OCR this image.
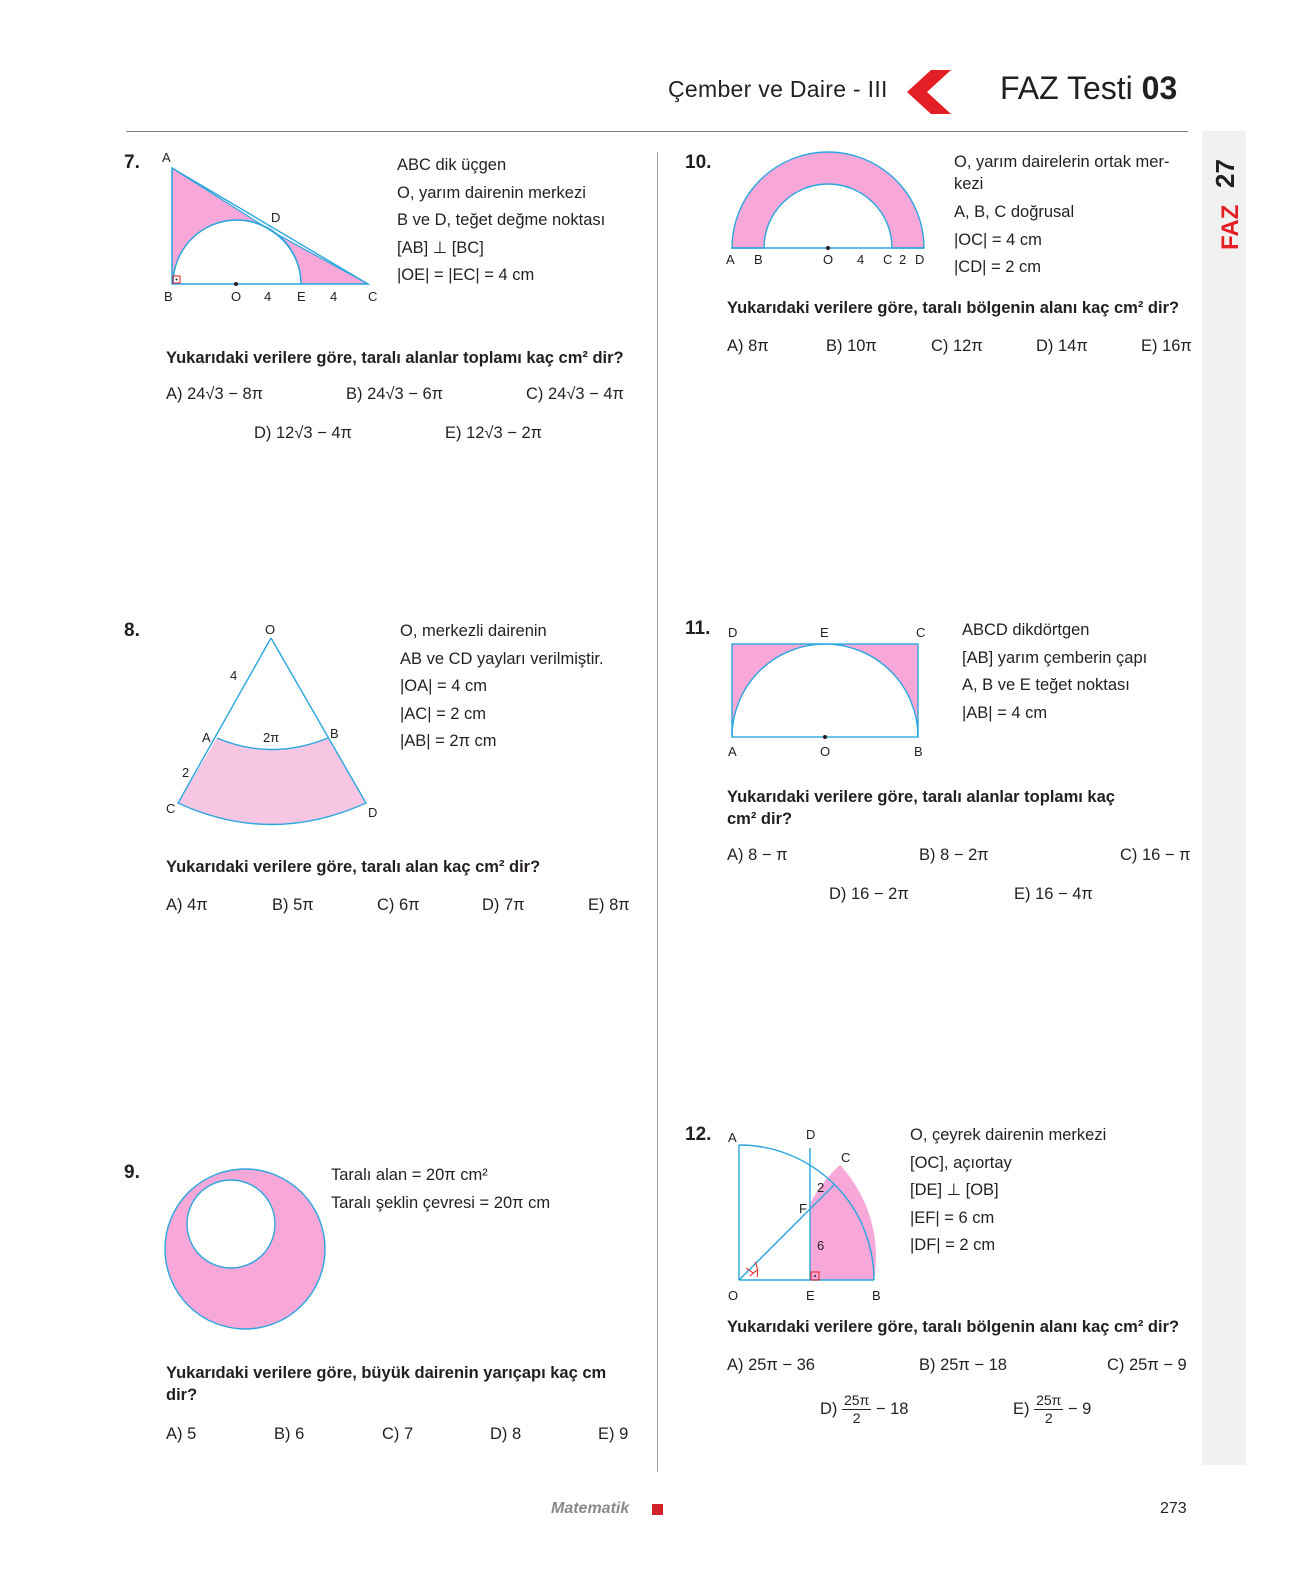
Çember ve Daire - III	FAZ Testi 03
27
FAZ
7. A
B	O 4 E 4 C
D
ABC dik üçgen
O, yarım dairenin merkezi
B ve D, teğet değme noktası
[AB] ⊥ [BC]
|OE| = |EC| = 4 cm
Yukarıdaki verilere göre, taralı alanlar toplamı kaç cm² dir?
A) 24√3 − 8π	B) 24√3 − 6π	C) 24√3 − 4π
D) 12√3 − 4π	E) 12√3 − 2π
8.	O
4
A	B
2π
2
C	D
O, merkezli dairenin
AB ve CD yayları verilmiştir.
|OA| = 4 cm
|AC| = 2 cm
|AB| = 2π cm
Yukarıdaki verilere göre, taralı alan kaç cm² dir?
A) 4π	B) 5π	C) 6π	D) 7π	E) 8π
9.	Taralı alan = 20π cm²
Taralı şeklin çevresi = 20π cm
Yukarıdaki verilere göre, büyük dairenin yarıçapı kaç cm dir?
A) 5	B) 6	C) 7	D) 8	E) 9
10.
A B	O 4 C 2 D
O, yarım dairelerin ortak mer-
kezi
A, B, C doğrusal
|OC| = 4 cm
|CD| = 2 cm
Yukarıdaki verilere göre, taralı bölgenin alanı kaç cm² dir?
A) 8π	B) 10π	C) 12π	D) 14π	E) 16π
11. D	E	C
A	O	B
ABCD dikdörtgen
[AB] yarım çemberin çapı
A, B ve E teğet noktası
|AB| = 4 cm
Yukarıdaki verilere göre, taralı alanlar toplamı kaç
cm² dir?
A) 8 − π	B) 8 − 2π	C) 16 − π
D) 16 − 2π	E) 16 − 4π
12. A	D
C
2
F
6
O	E	B
O, çeyrek dairenin merkezi
[OC], açıortay
[DE] ⊥ [OB]
|EF| = 6 cm
|DF| = 2 cm
Yukarıdaki verilere göre, taralı bölgenin alanı kaç cm² dir?
A) 25π − 36	B) 25π − 18	C) 25π − 9
$D) \frac{25\pi}{2} - 18$	$E) \frac{25\pi}{2} - 9$
Matematik	273
